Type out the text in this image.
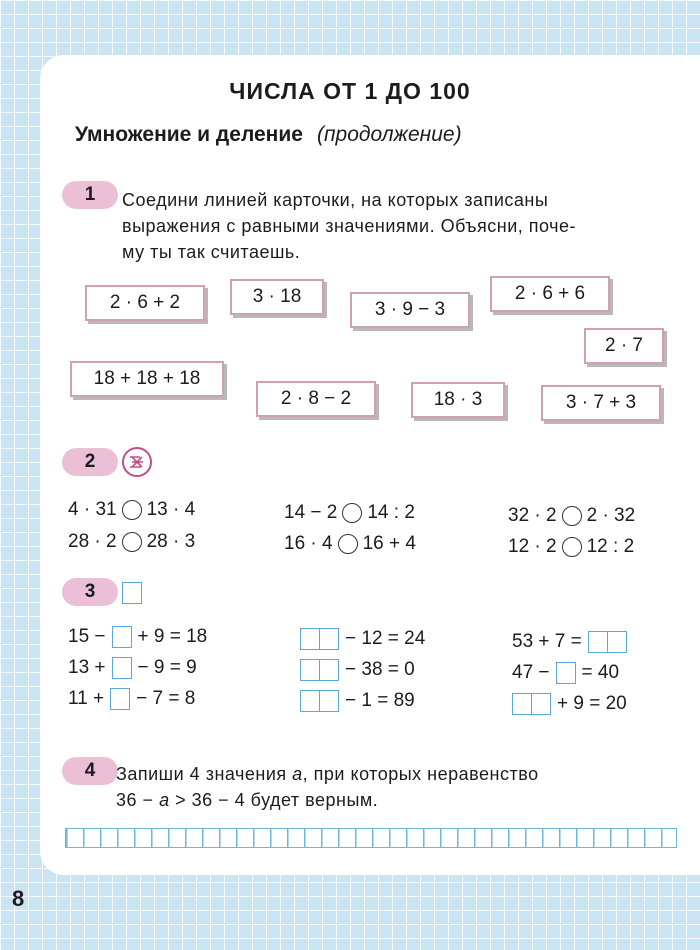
ЧИСЛА ОТ 1 ДО 100
Умножение и деление (продолжение)
1	Соедини линией карточки, на которых записаны
выражения с равными значениями. Объясни, поче-
му ты так считаешь.
2 · 6 + 2	3 · 18
3 · 9 − 3
2 · 6 + 6
2 · 7
18 + 18 + 18
2 · 8 − 2	18 · 3	3 · 7 + 3
2
4 · 31 13 · 4
28 · 2 28 · 3
14 − 2 14 : 2
16 · 4 16 + 4
32 · 2 2 · 32
12 · 2 12 : 2
3
15 − + 9 = 18
13 + − 9 = 9
11 + − 7 = 8
− 12 = 24
− 38 = 0
− 1 = 89
53 + 7 =
47 − = 40
+ 9 = 20
4	Запиши 4 значения a, при которых неравенство
36 − a > 36 − 4 будет верным.
8
